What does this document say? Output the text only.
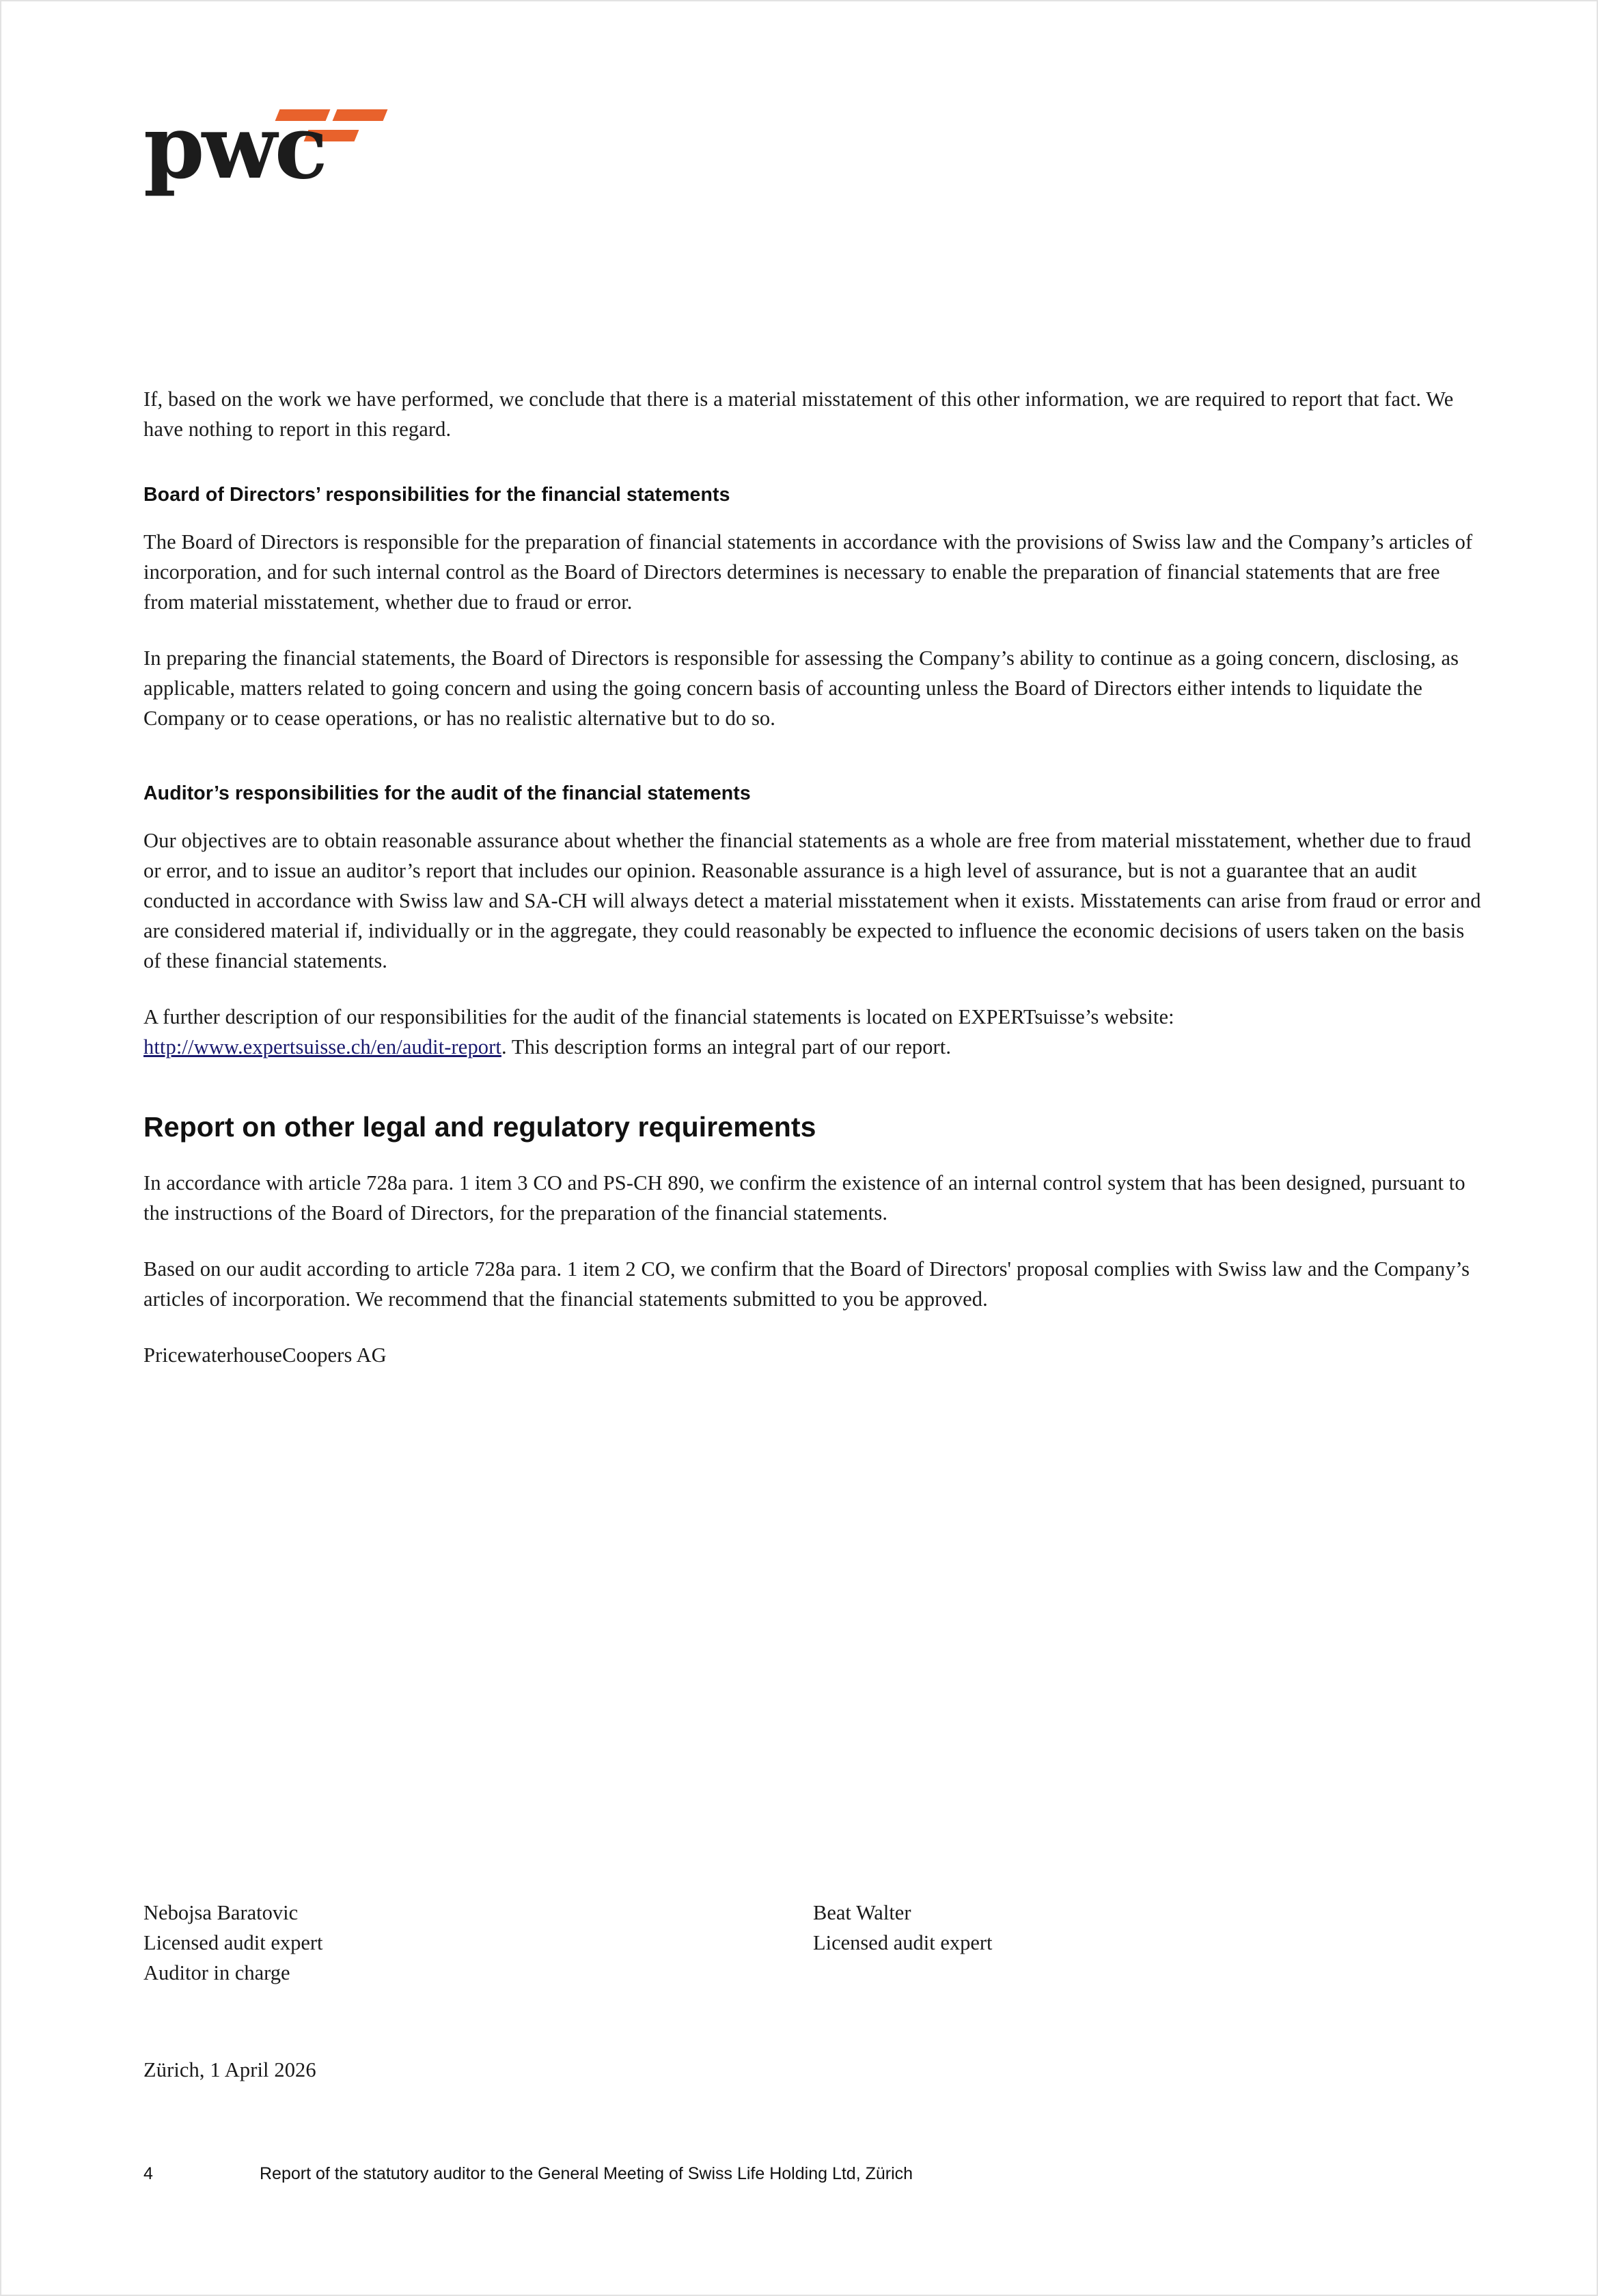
pwc

If, based on the work we have performed, we conclude that there is a material misstatement of this other information, we are required to report that fact. We have nothing to report in this regard.

Board of Directors’ responsibilities for the financial statements

The Board of Directors is responsible for the preparation of financial statements in accordance with the provisions of Swiss law and the Company’s articles of incorporation, and for such internal control as the Board of Directors determines is necessary to enable the preparation of financial statements that are free from material misstatement, whether due to fraud or error.

In preparing the financial statements, the Board of Directors is responsible for assessing the Company’s ability to continue as a going concern, disclosing, as applicable, matters related to going concern and using the going concern basis of accounting unless the Board of Directors either intends to liquidate the Company or to cease operations, or has no realistic alternative but to do so.

Auditor’s responsibilities for the audit of the financial statements

Our objectives are to obtain reasonable assurance about whether the financial statements as a whole are free from material misstatement, whether due to fraud or error, and to issue an auditor’s report that includes our opinion. Reasonable assurance is a high level of assurance, but is not a guarantee that an audit conducted in accordance with Swiss law and SA-CH will always detect a material misstatement when it exists. Misstatements can arise from fraud or error and are considered material if, individually or in the aggregate, they could reasonably be expected to influence the economic decisions of users taken on the basis of these financial statements.

A further description of our responsibilities for the audit of the financial statements is located on EXPERTsuisse’s website: http://www.expertsuisse.ch/en/audit-report. This description forms an integral part of our report.

Report on other legal and regulatory requirements

In accordance with article 728a para. 1 item 3 CO and PS-CH 890, we confirm the existence of an internal control system that has been designed, pursuant to the instructions of the Board of Directors, for the preparation of the financial statements.

Based on our audit according to article 728a para. 1 item 2 CO, we confirm that the Board of Directors' proposal complies with Swiss law and the Company’s articles of incorporation. We recommend that the financial statements submitted to you be approved.

PricewaterhouseCoopers AG

Nebojsa Baratovic
Licensed audit expert
Auditor in charge
Beat Walter
Licensed audit expert

Zürich, 1 April 2026

4	Report of the statutory auditor to the General Meeting of Swiss Life Holding Ltd, Zürich
